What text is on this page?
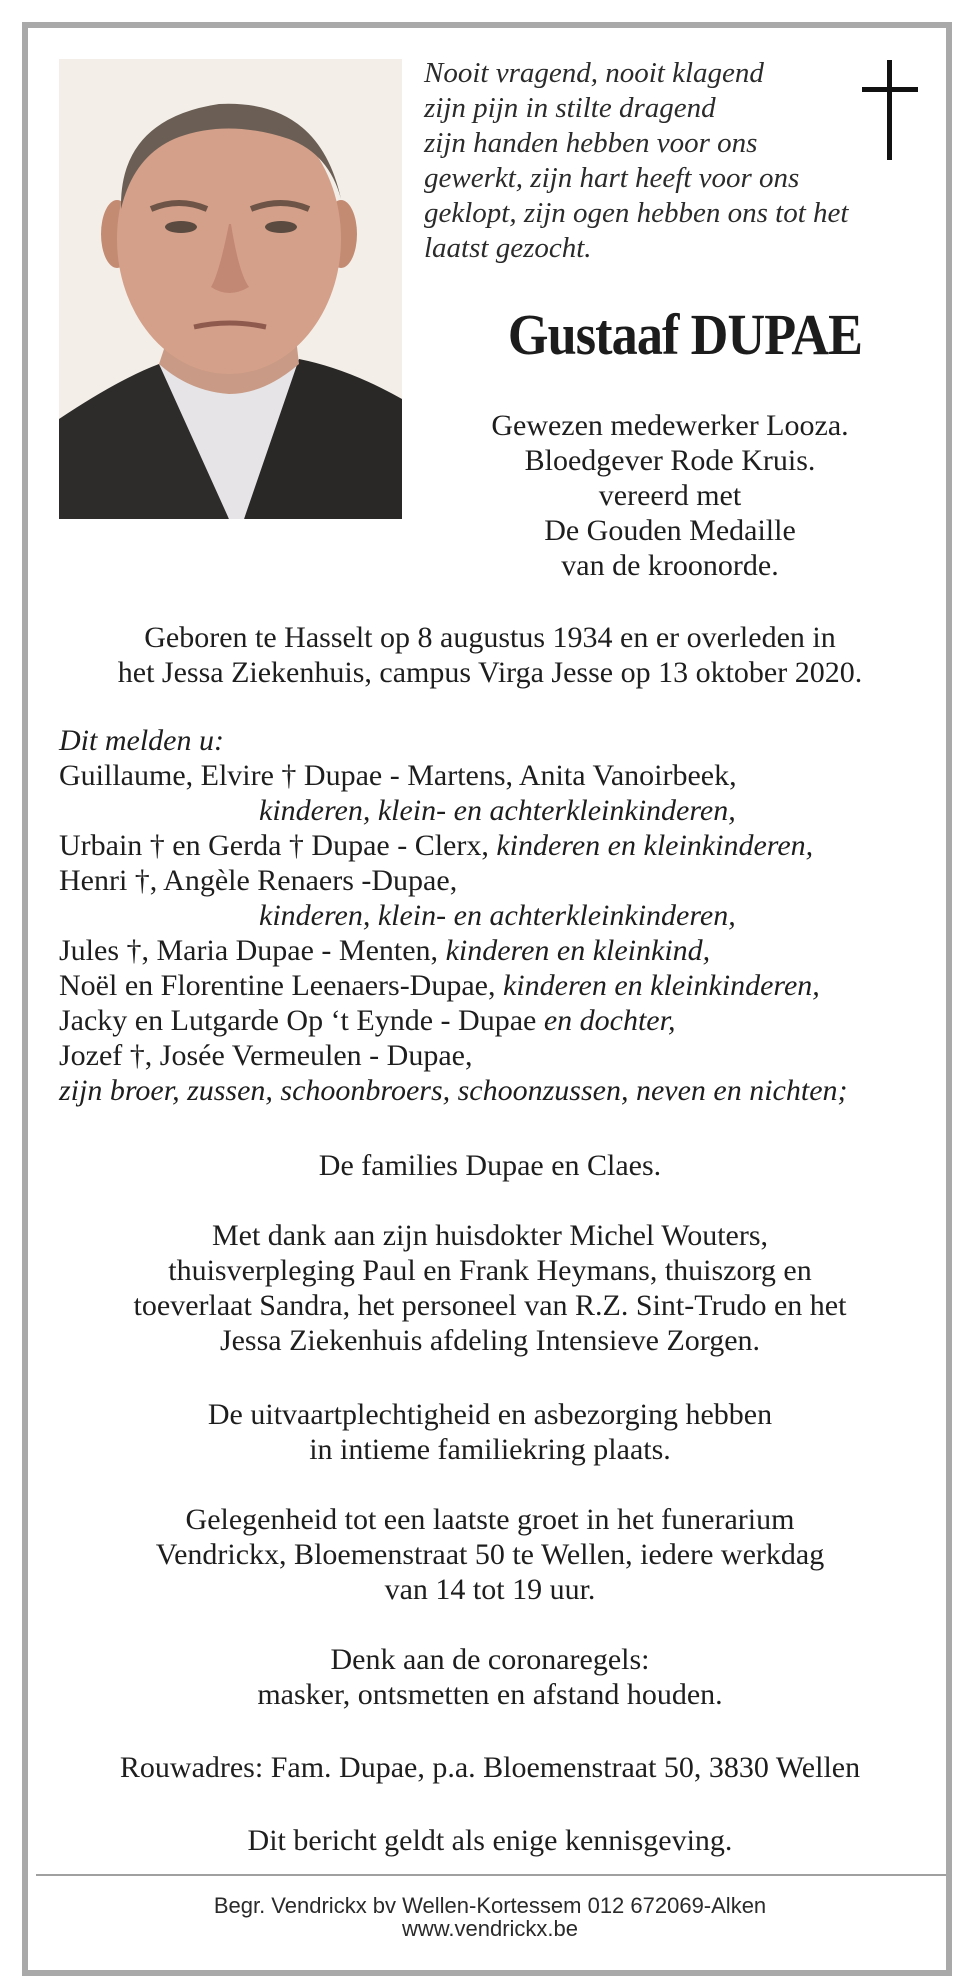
Nooit vragend, nooit klagend
zijn pijn in stilte dragend
zijn handen hebben voor ons
gewerkt, zijn hart heeft voor ons
geklopt, zijn ogen hebben ons tot het
laatst gezocht.
Gustaaf DUPAE
Gewezen medewerker Looza.
Bloedgever Rode Kruis.
vereerd met
De Gouden Medaille
van de kroonorde.
Geboren te Hasselt op 8 augustus 1934 en er overleden in
het Jessa Ziekenhuis, campus Virga Jesse op 13 oktober 2020.
Dit melden u:
Guillaume, Elvire † Dupae - Martens, Anita Vanoirbeek,
kinderen, klein- en achterkleinkinderen,
Urbain † en Gerda † Dupae - Clerx, kinderen en kleinkinderen,
Henri †, Angèle Renaers -Dupae,
kinderen, klein- en achterkleinkinderen,
Jules †, Maria Dupae - Menten, kinderen en kleinkind,
Noël en Florentine Leenaers-Dupae, kinderen en kleinkinderen,
Jacky en Lutgarde Op ‘t Eynde - Dupae en dochter,
Jozef †, Josée Vermeulen - Dupae,
zijn broer, zussen, schoonbroers, schoonzussen, neven en nichten;
De families Dupae en Claes.
Met dank aan zijn huisdokter Michel Wouters,
thuisverpleging Paul en Frank Heymans, thuiszorg en
toeverlaat Sandra, het personeel van R.Z. Sint-Trudo en het
Jessa Ziekenhuis afdeling Intensieve Zorgen.
De uitvaartplechtigheid en asbezorging hebben
in intieme familiekring plaats.
Gelegenheid tot een laatste groet in het funerarium
Vendrickx, Bloemenstraat 50 te Wellen, iedere werkdag
van 14 tot 19 uur.
Denk aan de coronaregels:
masker, ontsmetten en afstand houden.
Rouwadres: Fam. Dupae, p.a. Bloemenstraat 50, 3830 Wellen
Dit bericht geldt als enige kennisgeving.
Begr. Vendrickx bv Wellen-Kortessem 012 672069-Alken
www.vendrickx.be
